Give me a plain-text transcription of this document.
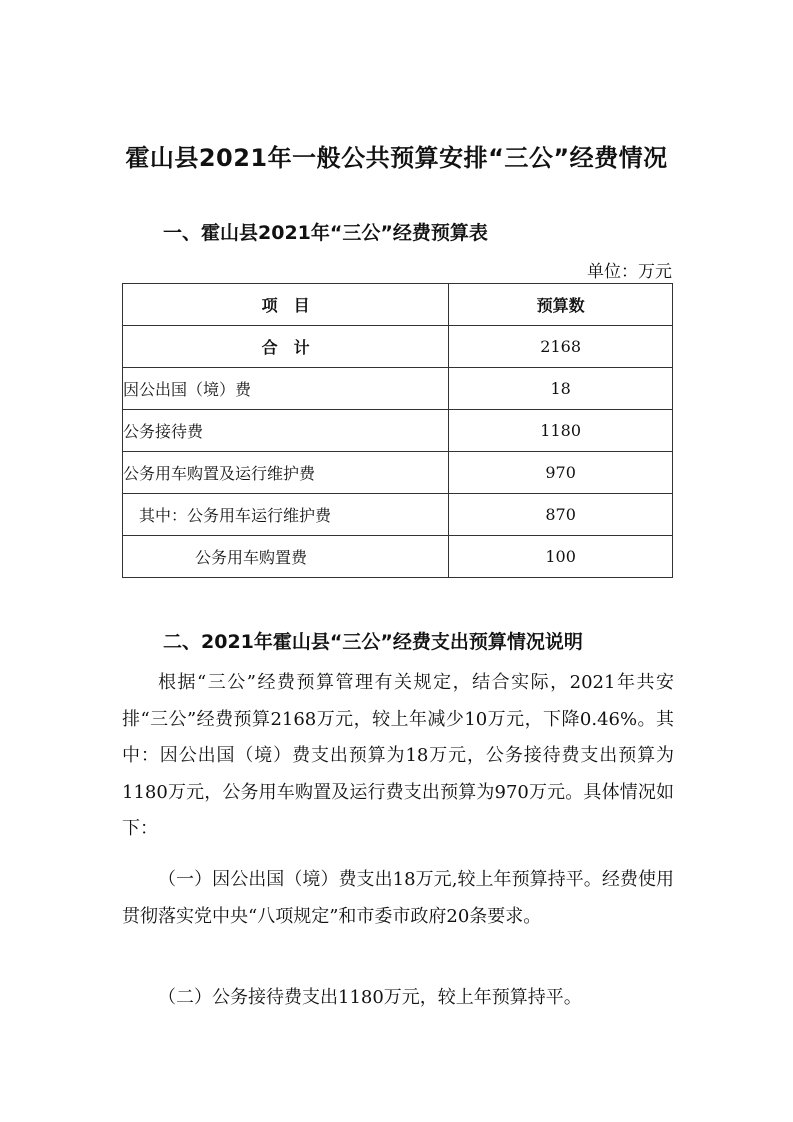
霍山县2021年一般公共预算安排“三公”经费情况
一、霍山县2021年“三公”经费预算表
单位：万元
项　目	预算数
合　计	2168
因公出国（境）费	18
公务接待费	1180
公务用车购置及运行维护费	970
其中：公务用车运行维护费	870
公务用车购置费	100
二、2021年霍山县“三公”经费支出预算情况说明

根据“三公”经费预算管理有关规定，结合实际，2021年共安排“三公”经费预算2168万元，较上年减少10万元，下降0.46%。其中：因公出国（境）费支出预算为18万元，公务接待费支出预算为1180万元，公务用车购置及运行费支出预算为970万元。具体情况如下：

（一）因公出国（境）费支出18万元,较上年预算持平。经费使用贯彻落实党中央“八项规定”和市委市政府20条要求。

（二）公务接待费支出1180万元，较上年预算持平。
